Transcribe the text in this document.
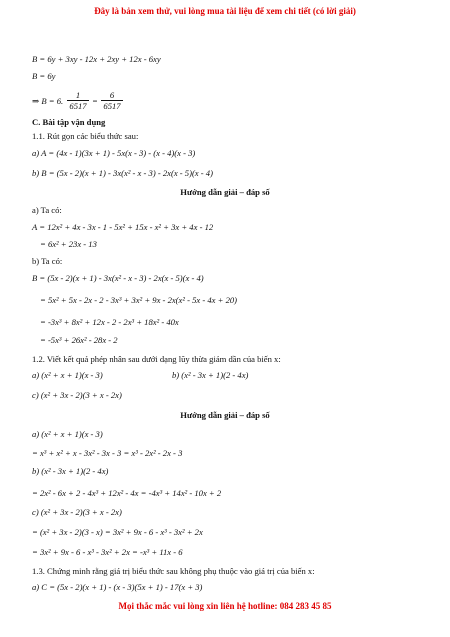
Đây là bản xem thử, vui lòng mua tài liệu để xem chi tiết (có lời giải)
B = 6y + 3xy - 12x + 2xy + 12x - 6xy
B = 6y
⇒ B = 6. $\frac{1}{6517} = \frac{6}{6517}$
C. Bài tập vận dụng
1.1. Rút gọn các biểu thức sau:
a) A = (4x - 1)(3x + 1) - 5x(x - 3) - (x - 4)(x - 3)
b) B = (5x - 2)(x + 1) - 3x(x² - x - 3) - 2x(x - 5)(x - 4)
Hướng dẫn giải – đáp số
a) Ta có:
A = 12x² + 4x - 3x - 1 - 5x² + 15x - x² + 3x + 4x - 12
= 6x² + 23x - 13
b) Ta có:
B = (5x - 2)(x + 1) - 3x(x² - x - 3) - 2x(x - 5)(x - 4)
= 5x² + 5x - 2x - 2 - 3x³ + 3x² + 9x - 2x(x² - 5x - 4x + 20)
= -3x³ + 8x² + 12x - 2 - 2x³ + 18x² - 40x
= -5x³ + 26x² - 28x - 2
1.2. Viết kết quả phép nhân sau dưới dạng lũy thừa giảm dần của biến x:
a) (x² + x + 1)(x - 3)	b) (x² - 3x + 1)(2 - 4x)
c) (x² + 3x - 2)(3 + x - 2x)
Hướng dẫn giải – đáp số
a) (x² + x + 1)(x - 3)
= x³ + x² + x - 3x² - 3x - 3 = x³ - 2x² - 2x - 3
b) (x² - 3x + 1)(2 - 4x)
= 2x² - 6x + 2 - 4x³ + 12x² - 4x = -4x³ + 14x² - 10x + 2
c) (x² + 3x - 2)(3 + x - 2x)
= (x² + 3x - 2)(3 - x) = 3x² + 9x - 6 - x³ - 3x² + 2x
= 3x² + 9x - 6 - x³ - 3x² + 2x = -x³ + 11x - 6
1.3. Chứng minh rằng giá trị biểu thức sau không phụ thuộc vào giá trị của biến x:
a) C = (5x - 2)(x + 1) - (x - 3)(5x + 1) - 17(x + 3)
Mọi thắc mắc vui lòng xin liên hệ hotline: 084 283 45 85
